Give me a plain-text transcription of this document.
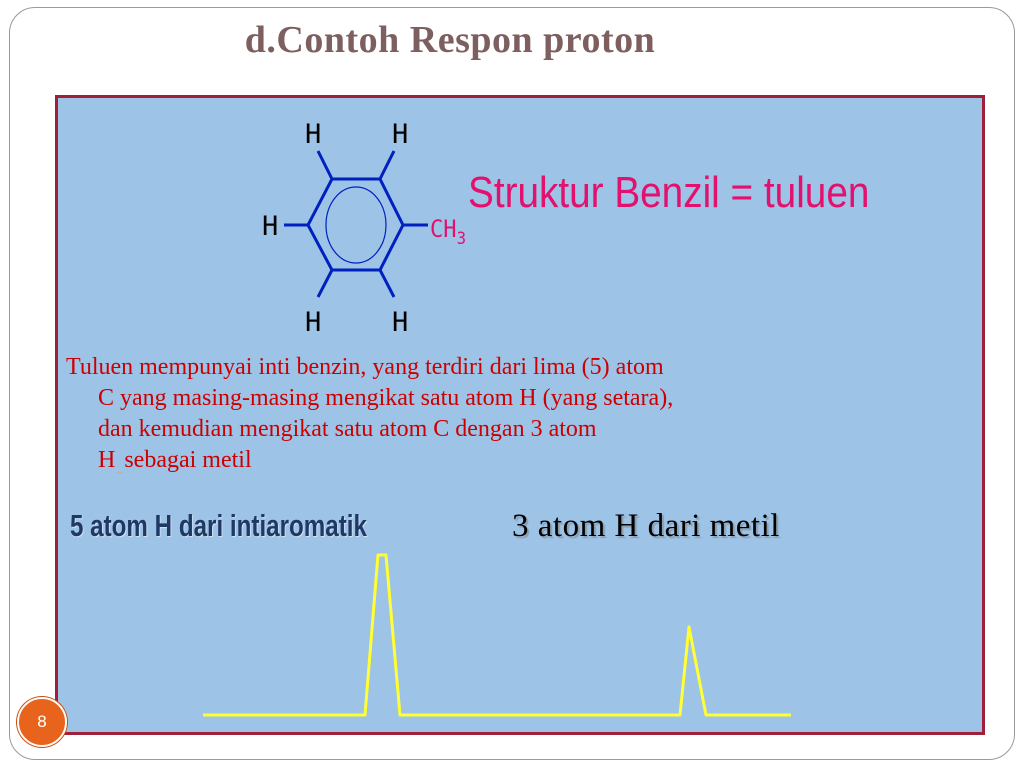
d.Contoh Respon proton
H	H
H
H	H
$CH_3$
Struktur Benzil = tuluen

Tuluen mempunyai inti benzin, yang terdiri dari lima (5) atom
C yang masing-masing mengikat satu atom H (yang setara),
dan kemudian mengikat satu atom C dengan 3 atom
H $_{..}$sebagai metil

5 atom H dari intiaromatik	3 atom H dari metil
8
